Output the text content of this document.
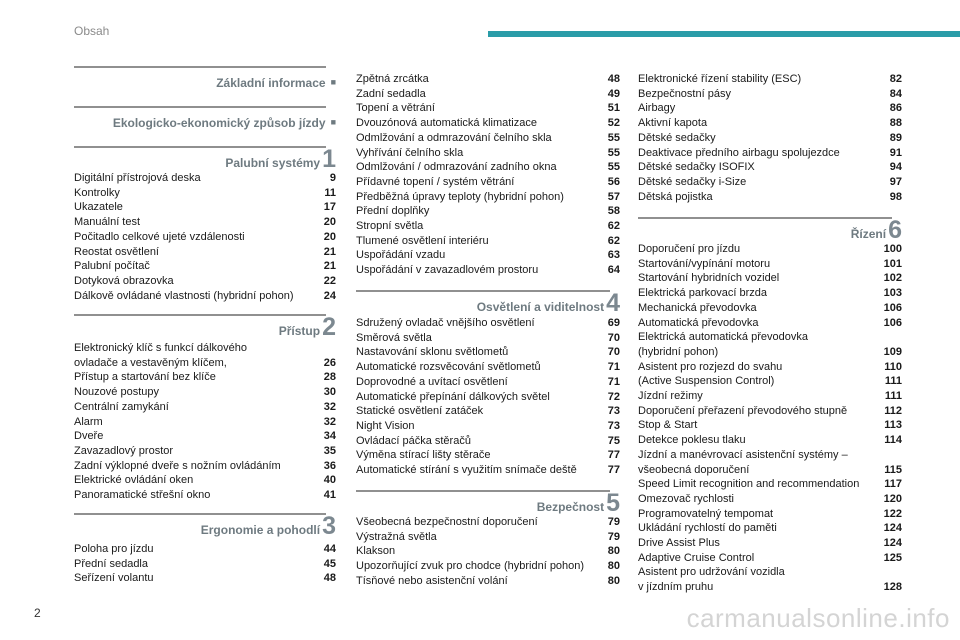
Obsah
Základní informace ■
Ekologicko-ekonomický způsob jízdy ■
Palubní systémy 1
Digitální přístrojová deska	9
Kontrolky	11
Ukazatele	17
Manuální test	20
Počitadlo celkové ujeté vzdálenosti	20
Reostat osvětlení	21
Palubní počítač	21
Dotyková obrazovka	22
Dálkově ovládané vlastnosti (hybridní pohon)	24
Přístup 2
Elektronický klíč s funkcí dálkového
ovladače a vestavěným klíčem,	26
Přístup a startování bez klíče	28
Nouzové postupy	30
Centrální zamykání	32
Alarm	32
Dveře	34
Zavazadlový prostor	35
Zadní výklopné dveře s nožním ovládáním	36
Elektrické ovládání oken	40
Panoramatické střešní okno	41
Ergonomie a pohodlí 3
Poloha pro jízdu	44
Přední sedadla	45
Seřízení volantu	48
Zpětná zrcátka	48
Zadní sedadla	49
Topení a větrání	51
Dvouzónová automatická klimatizace	52
Odmlžování a odmrazování čelního skla	55
Vyhřívání čelního skla	55
Odmlžování / odmrazování zadního okna	55
Přídavné topení / systém větrání	56
Předběžná úpravy teploty (hybridní pohon)	57
Přední doplňky	58
Stropní světla	62
Tlumené osvětlení interiéru	62
Uspořádání vzadu	63
Uspořádání v zavazadlovém prostoru	64
Osvětlení a viditelnost 4
Sdružený ovladač vnějšího osvětlení	69
Směrová světla	70
Nastavování sklonu světlometů	70
Automatické rozsvěcování světlometů	71
Doprovodné a uvítací osvětlení	71
Automatické přepínání dálkových světel	72
Statické osvětlení zatáček	73
Night Vision	73
Ovládací páčka stěračů	75
Výměna stírací lišty stěrače	77
Automatické stírání s využitím snímače deště	77
Bezpečnost 5
Všeobecná bezpečnostní doporučení	79
Výstražná světla	79
Klakson	80
Upozorňující zvuk pro chodce (hybridní pohon) 80
Tísňové nebo asistenční volání	80
Elektronické řízení stability (ESC)	82
Bezpečnostní pásy	84
Airbagy	86
Aktivní kapota	88
Dětské sedačky	89
Deaktivace předního airbagu spolujezdce	91
Dětské sedačky ISOFIX	94
Dětské sedačky i-Size	97
Dětská pojistka	98
Řízení 6
Doporučení pro jízdu	100
Startování/vypínání motoru	101
Startování hybridních vozidel	102
Elektrická parkovací brzda	103
Mechanická převodovka	106
Automatická převodovka	106
Elektrická automatická převodovka
(hybridní pohon)	109
Asistent pro rozjezd do svahu	110
(Active Suspension Control)	111
Jízdní režimy	111
Doporučení přeřazení převodového stupně	112
Stop & Start	113
Detekce poklesu tlaku	114
Jízdní a manévrovací asistenční systémy –
všeobecná doporučení	115
Speed Limit recognition and recommendation 117
Omezovač rychlosti	120
Programovatelný tempomat	122
Ukládání rychlostí do paměti	124
Drive Assist Plus	124
Adaptive Cruise Control	125
Asistent pro udržování vozidla
v jízdním pruhu	128
2	carmanualsonline.info
